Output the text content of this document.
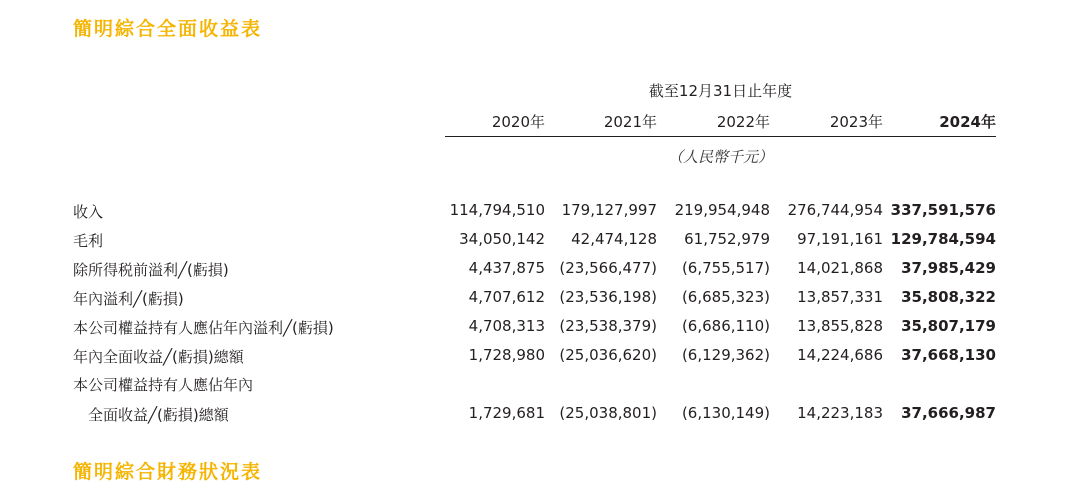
簡明綜合全面收益表
截至12月31日止年度
2020年	2021年	2022年	2023年	2024年
（人民幣千元）
收入	114,794,510 179,127,997 219,954,948 276,744,954 337,591,576
毛利	34,050,142 42,474,128 61,752,979 97,191,161 129,784,594
除所得税前溢利╱(虧損)	4,437,875 (23,566,477) (6,755,517) 14,021,868 37,985,429
年內溢利╱(虧損)	4,707,612 (23,536,198) (6,685,323) 13,857,331 35,808,322
本公司權益持有人應佔年內溢利╱(虧損)	4,708,313 (23,538,379) (6,686,110) 13,855,828 35,807,179
年內全面收益╱(虧損)總額	1,728,980 (25,036,620) (6,129,362) 14,224,686 37,668,130
本公司權益持有人應佔年內
全面收益╱(虧損)總額	1,729,681 (25,038,801) (6,130,149) 14,223,183 37,666,987
簡明綜合財務狀況表
